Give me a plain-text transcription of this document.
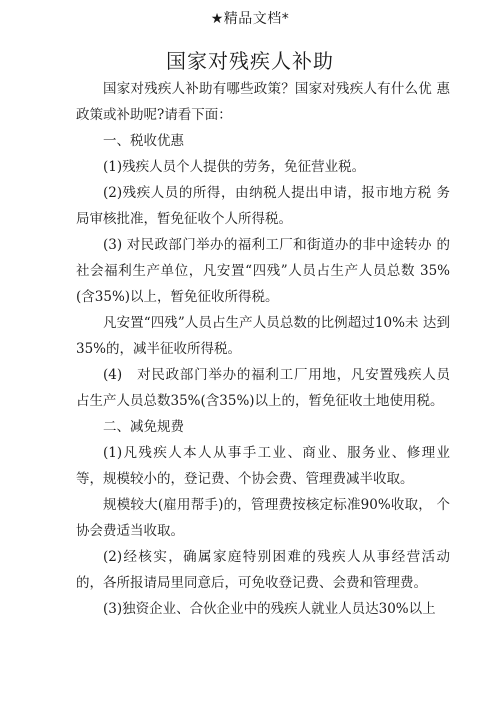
★精品文档*
国家对残疾人补助

国家对残疾人补助有哪些政策？国家对残疾人有什么优 惠政策或补助呢?请看下面：

一、税收优惠

(1)残疾人员个人提供的劳务，免征营业税。

(2)残疾人员的所得，由纳税人提出申请，报市地方税 务局审核批准，暂免征收个人所得税。

(3) 对民政部门举办的福利工厂和街道办的非中途转办 的社会福利生产单位，凡安置“四残”人员占生产人员总数 35%(含35%)以上，暂免征收所得税。

凡安置“四残”人员占生产人员总数的比例超过10%未 达到35%的，减半征收所得税。

(4)　对民政部门举办的福利工厂用地，凡安置残疾人员 占生产人员总数35%(含35%)以上的，暂免征收土地使用税。

二、减免规费

(1)凡残疾人本人从事手工业、商业、服务业、修理业 等，规模较小的，登记费、个协会费、管理费减半收取。

规模较大(雇用帮手)的，管理费按核定标准90%收取， 个协会费适当收取。

(2)经核实，确属家庭特别困难的残疾人从事经营活动 的，各所报请局里同意后，可免收登记费、会费和管理费。

(3)独资企业、合伙企业中的残疾人就业人员达30%以上
